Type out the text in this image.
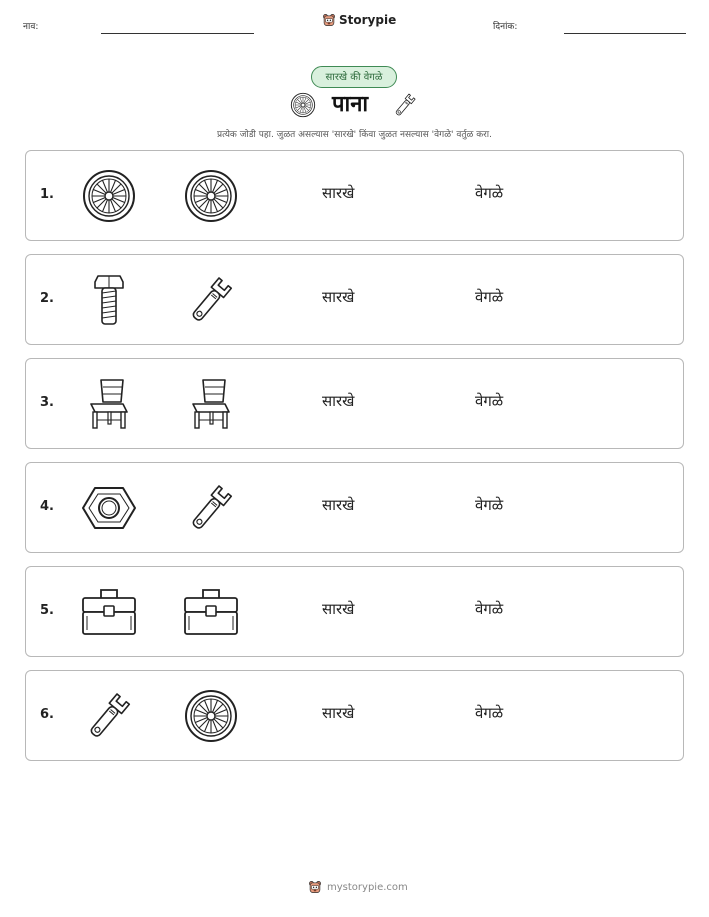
नाव:	Storypie	दिनांक:
सारखे की वेगळे
पाना
प्रत्येक जोडी पहा. जुळत असल्यास 'सारखे' किंवा जुळत नसल्यास 'वेगळे' वर्तुळ करा.
1.	सारखे	वेगळे
2.	सारखे	वेगळे
3.	सारखे	वेगळे
4.	सारखे	वेगळे
5.	सारखे	वेगळे
6.	सारखे	वेगळे
mystorypie.com
